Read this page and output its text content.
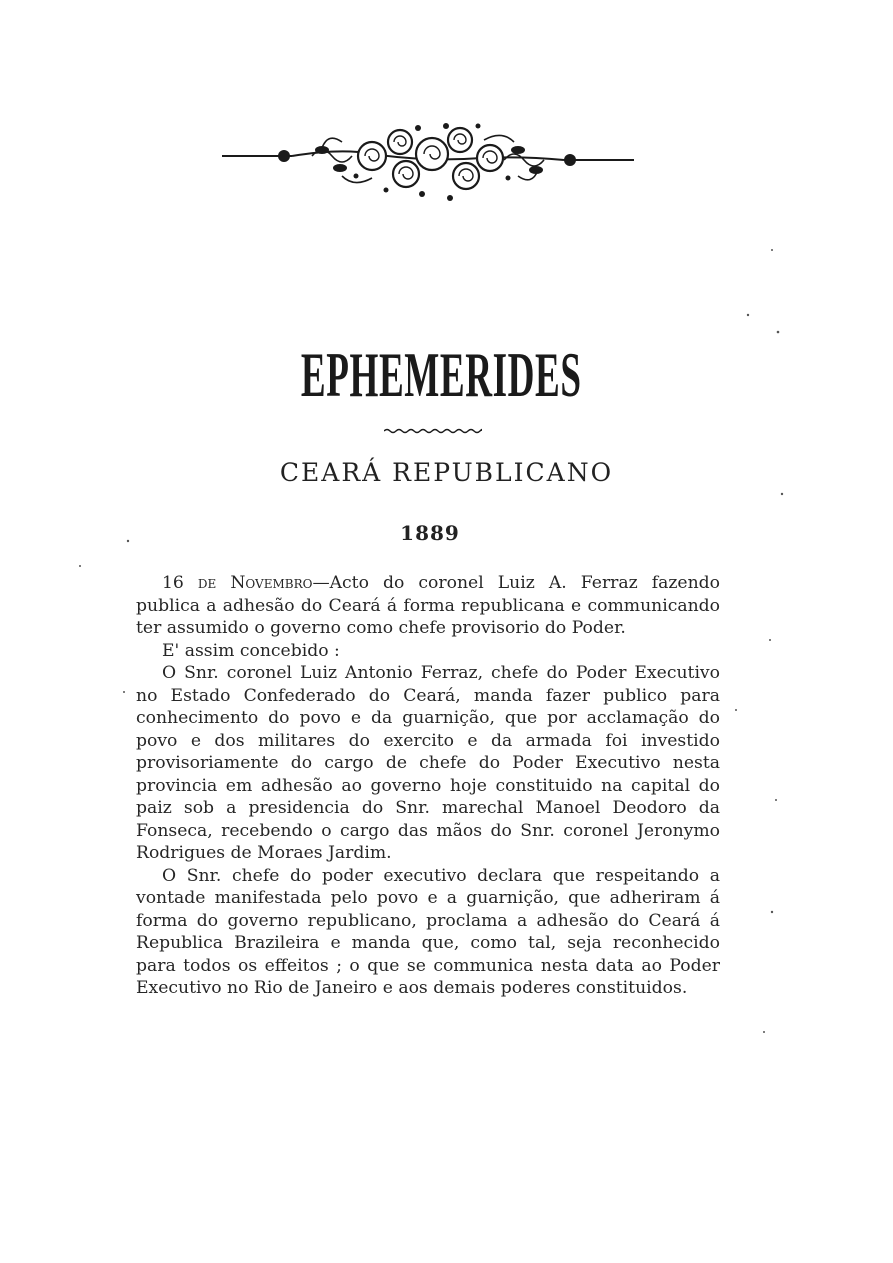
EPHEMERIDES
CEARÁ REPUBLICANO
1889

16 de Novembro—Acto do coronel Luiz A. Ferraz fazendo publica a adhesão do Ceará á forma republicana e communicando ter assumido o governo como chefe provisorio do Poder.

E' assim concebido :

O Snr. coronel Luiz Antonio Ferraz, chefe do Poder Executivo no Estado Confederado do Ceará, manda fazer publico para conhecimento do povo e da guarnição, que por acclamação do povo e dos militares do exercito e da armada foi investido provisoriamente do cargo de chefe do Poder Executivo nesta provincia em adhesão ao governo hoje constituido na capital do paiz sob a presidencia do Snr. marechal Manoel Deodoro da Fonseca, recebendo o cargo das mãos do Snr. coronel Jeronymo Rodrigues de Moraes Jardim.

O Snr. chefe do poder executivo declara que respeitando a vontade manifestada pelo povo e a guarnição, que adheriram á forma do governo republicano, proclama a adhesão do Ceará á Republica Brazileira e manda que, como tal, seja reconhecido para todos os effeitos ; o que se communica nesta data ao Poder Executivo no Rio de Janeiro e aos demais poderes constituidos.
